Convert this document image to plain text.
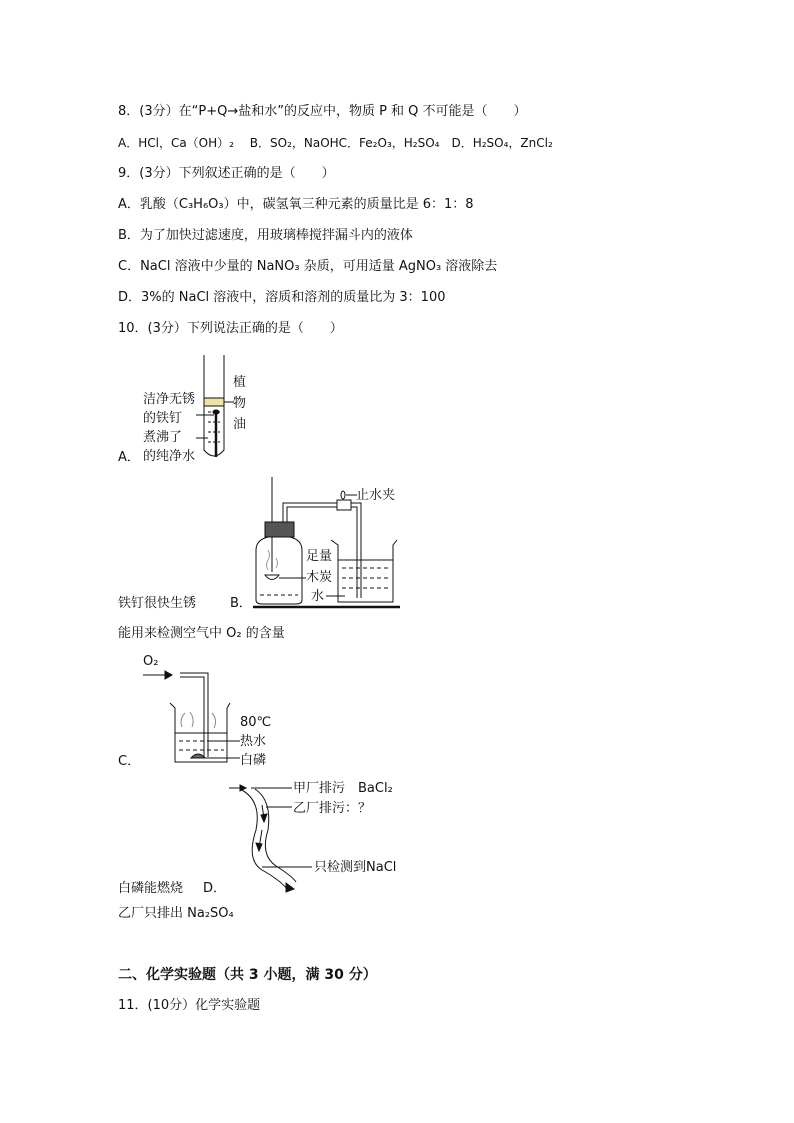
8．(3分）在“P+Q→盐和水”的反应中，物质 P 和 Q 不可能是（　　）
A．HCl，Ca（OH）₂　 B．SO₂，NaOHC．Fe₂O₃，H₂SO₄　D．H₂SO₄，ZnCl₂
9．(3分）下列叙述正确的是（　　）
A．乳酸（C₃H₆O₃）中，碳氢氧三种元素的质量比是 6：1：8
B．为了加快过滤速度，用玻璃棒搅拌漏斗内的液体
C．NaCl 溶液中少量的 NaNO₃ 杂质，可用适量 AgNO₃ 溶液除去
D．3%的 NaCl 溶液中，溶质和溶剂的质量比为 3：100
10．(3分）下列说法正确的是（　　）
洁净无锈
的铁钉
煮沸了
的纯净水
植
物
油
A．
止水夹
足量
木炭
水
铁钉很快生锈	B．
能用来检测空气中 O₂ 的含量
O₂
80℃
热水
白磷
C．
甲厂排污　BaCl₂
乙厂排污：？
只检测到NaCl
白磷能燃烧 D．
乙厂只排出 Na₂SO₄
二、化学实验题（共 3 小题，满 30 分）
11．(10分）化学实验题
